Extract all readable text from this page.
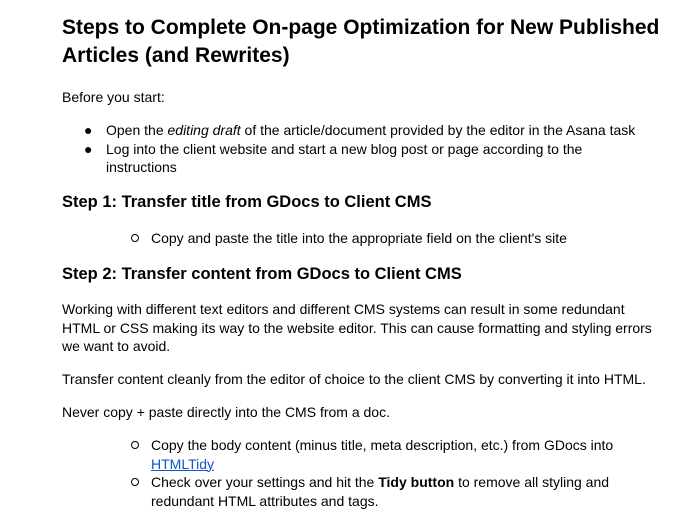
Steps to Complete On-page Optimization for New Published Articles (and Rewrites)

Before you start:

● Open the editing draft of the article/document provided by the editor in the Asana task
● Log into the client website and start a new blog post or page according to the instructions
Step 1: Transfer title from GDocs to Client CMS
Copy and paste the title into the appropriate field on the client's site
Step 2: Transfer content from GDocs to Client CMS

Working with different text editors and different CMS systems can result in some redundant HTML or CSS making its way to the website editor. This can cause formatting and styling errors we want to avoid.

Transfer content cleanly from the editor of choice to the client CMS by converting it into HTML.

Never copy + paste directly into the CMS from a doc.

Copy the body content (minus title, meta description, etc.) from GDocs into HTMLTidy
Check over your settings and hit the Tidy button to remove all styling and redundant HTML attributes and tags.
